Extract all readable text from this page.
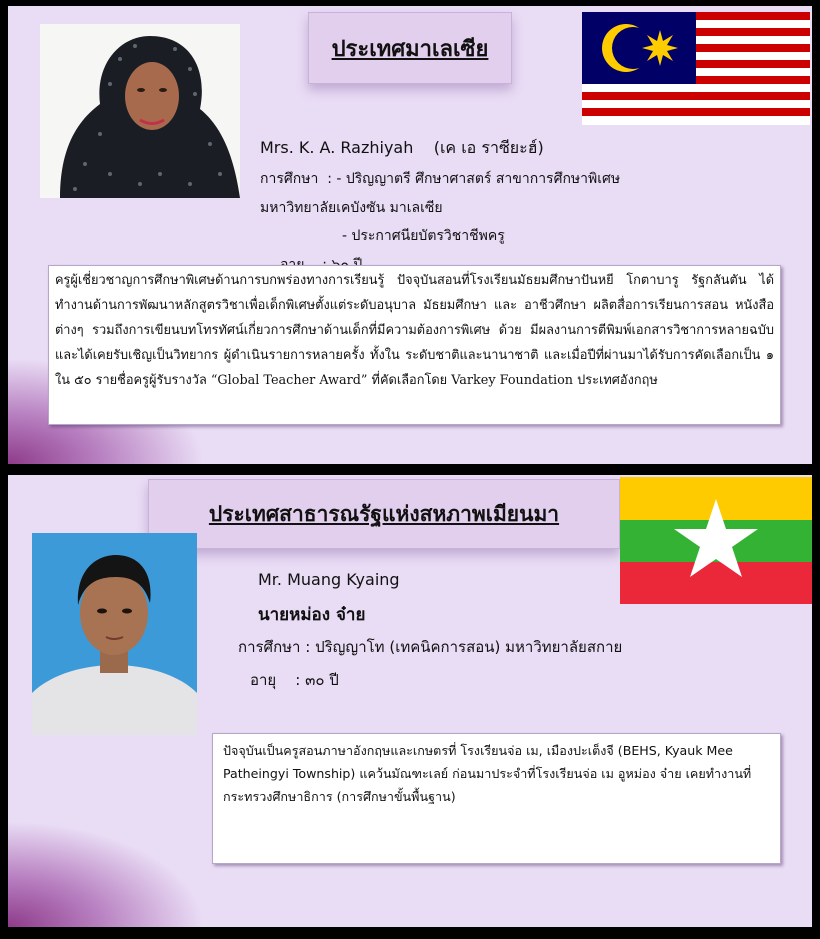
ประเทศมาเลเซีย
Mrs. K. A. Razhiyah    (เค เอ ราซียะฮ์)
การศึกษา  : - ปริญญาตรี ศึกษาศาสตร์ สาขาการศึกษาพิเศษ
มหาวิทยาลัยเคบังซัน มาเลเซีย
- ประกาศนียบัตรวิชาชีพครู
ครูผู้เชี่ยวชาญการศึกษาพิเศษด้านการบกพร่องทางการเรียนรู้ ปัจจุบันสอนที่โรงเรียนมัธยมศึกษาปันหยี โกตาบารู รัฐกลันตัน ได้ทำงานด้านการพัฒนาหลักสูตรวิชาเพื่อเด็กพิเศษตั้งแต่ระดับอนุบาล มัธยมศึกษา และ อาชีวศึกษา ผลิตสื่อการเรียนการสอน หนังสือต่างๆ รวมถึงการเขียนบทโทรทัศน์เกี่ยวการศึกษาด้านเด็กที่มีความต้องการพิเศษ ด้วย มีผลงานการตีพิมพ์เอกสารวิชาการหลายฉบับ และได้เคยรับเชิญเป็นวิทยากร ผู้ดำเนินรายการหลายครั้ง ทั้งใน ระดับชาติและนานาชาติ และเมื่อปีที่ผ่านมาได้รับการคัดเลือกเป็น ๑ ใน ๕๐ รายชื่อครูผู้รับรางวัล “Global Teacher Award” ที่คัดเลือกโดย Varkey Foundation ประเทศอังกฤษ
ประเทศสาธารณรัฐแห่งสหภาพเมียนมา
Mr. Muang Kyaing
นายหม่อง จ๋าย
การศึกษา : ปริญญาโท (เทคนิคการสอน) มหาวิทยาลัยสกาย
อายุ    : ๓๐ ปี
ปัจจุบันเป็นครูสอนภาษาอังกฤษและเกษตรที่ โรงเรียนจ่อ เม, เมืองปะเต็งจี (BEHS, Kyauk Mee Patheingyi Township) แคว้นมัณฑะเลย์ ก่อนมาประจำที่โรงเรียนจ่อ เม อูหม่อง จ๋าย เคยทำงานที่กระทรวงศึกษาธิการ (การศึกษาขั้นพื้นฐาน)
